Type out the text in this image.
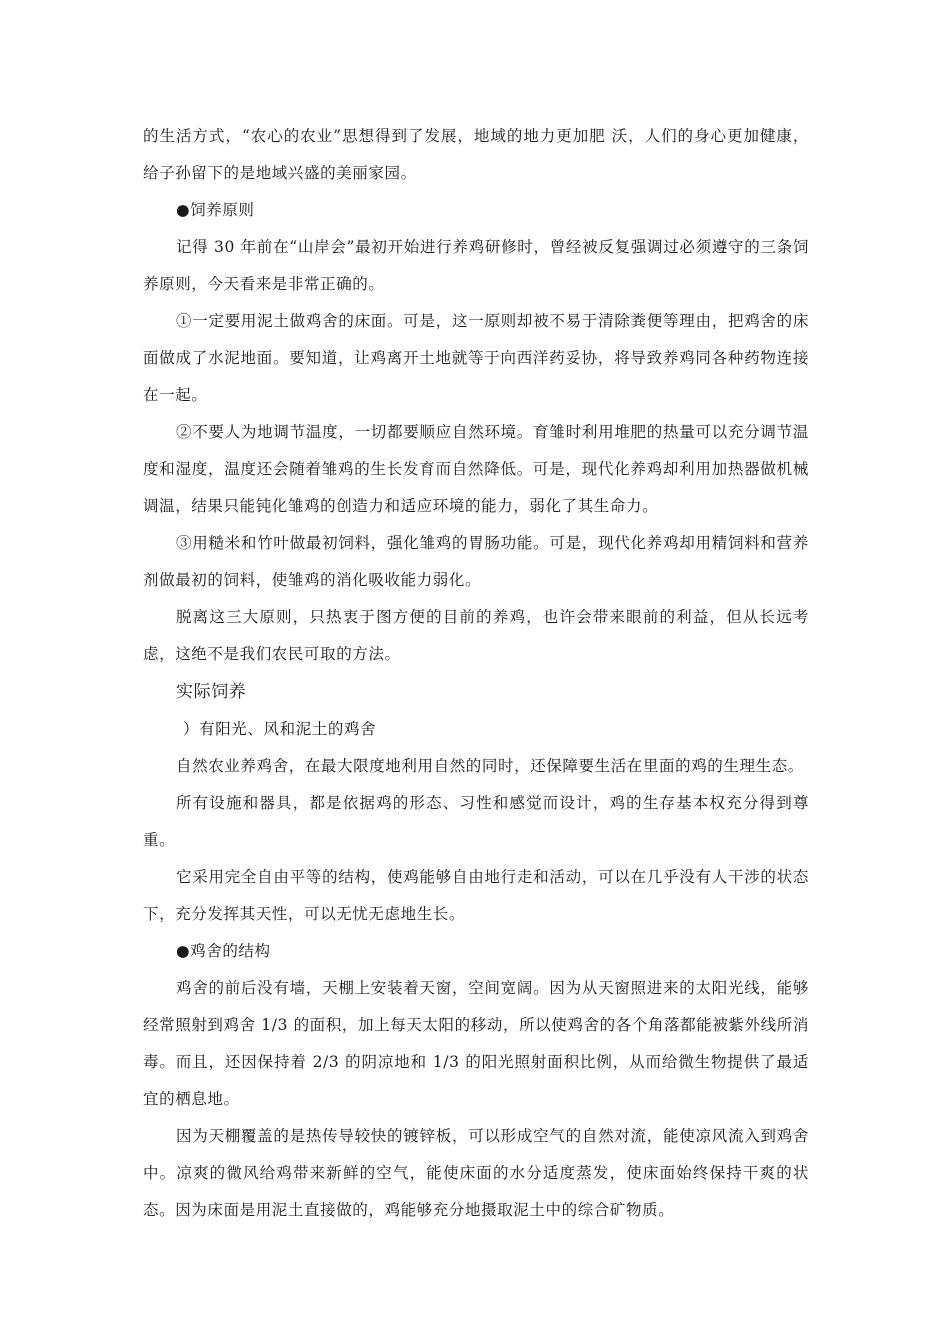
的生活方式，“农心的农业”思想得到了发展，地域的地力更加肥 沃，人们的身心更加健康，给子孙留下的是地域兴盛的美丽家园。

●饲养原则

记得 30 年前在“山岸会”最初开始进行养鸡研修时，曾经被反复强调过必须遵守的三条饲养原则，今天看来是非常正确的。

①一定要用泥土做鸡舍的床面。可是，这一原则却被不易于清除粪便等理由，把鸡舍的床面做成了水泥地面。要知道，让鸡离开土地就等于向西洋药妥协，将导致养鸡同各种药物连接在一起。

②不要人为地调节温度，一切都要顺应自然环境。育雏时利用堆肥的热量可以充分调节温度和湿度，温度还会随着雏鸡的生长发育而自然降低。可是，现代化养鸡却利用加热器做机械调温，结果只能钝化雏鸡的创造力和适应环境的能力，弱化了其生命力。

③用糙米和竹叶做最初饲料，强化雏鸡的胃肠功能。可是，现代化养鸡却用精饲料和营养剂做最初的饲料，使雏鸡的消化吸收能力弱化。

脱离这三大原则，只热衷于图方便的目前的养鸡，也许会带来眼前的利益，但从长远考虑，这绝不是我们农民可取的方法。

实际饲养

）有阳光、风和泥土的鸡舍

自然农业养鸡舍，在最大限度地利用自然的同时，还保障要生活在里面的鸡的生理生态。

所有设施和器具，都是依据鸡的形态、习性和感觉而设计，鸡的生存基本权充分得到尊重。

它采用完全自由平等的结构，使鸡能够自由地行走和活动，可以在几乎没有人干涉的状态下，充分发挥其天性，可以无忧无虑地生长。

●鸡舍的结构

鸡舍的前后没有墙，天棚上安装着天窗，空间宽阔。因为从天窗照进来的太阳光线，能够经常照射到鸡舍 1/3 的面积，加上每天太阳的移动，所以使鸡舍的各个角落都能被紫外线所消毒。而且，还因保持着 2/3 的阴凉地和 1/3 的阳光照射面积比例，从而给微生物提供了最适宜的栖息地。

因为天棚覆盖的是热传导较快的镀锌板，可以形成空气的自然对流，能使凉风流入到鸡舍中。凉爽的微风给鸡带来新鲜的空气，能使床面的水分适度蒸发，使床面始终保持干爽的状态。因为床面是用泥土直接做的，鸡能够充分地摄取泥土中的综合矿物质。
